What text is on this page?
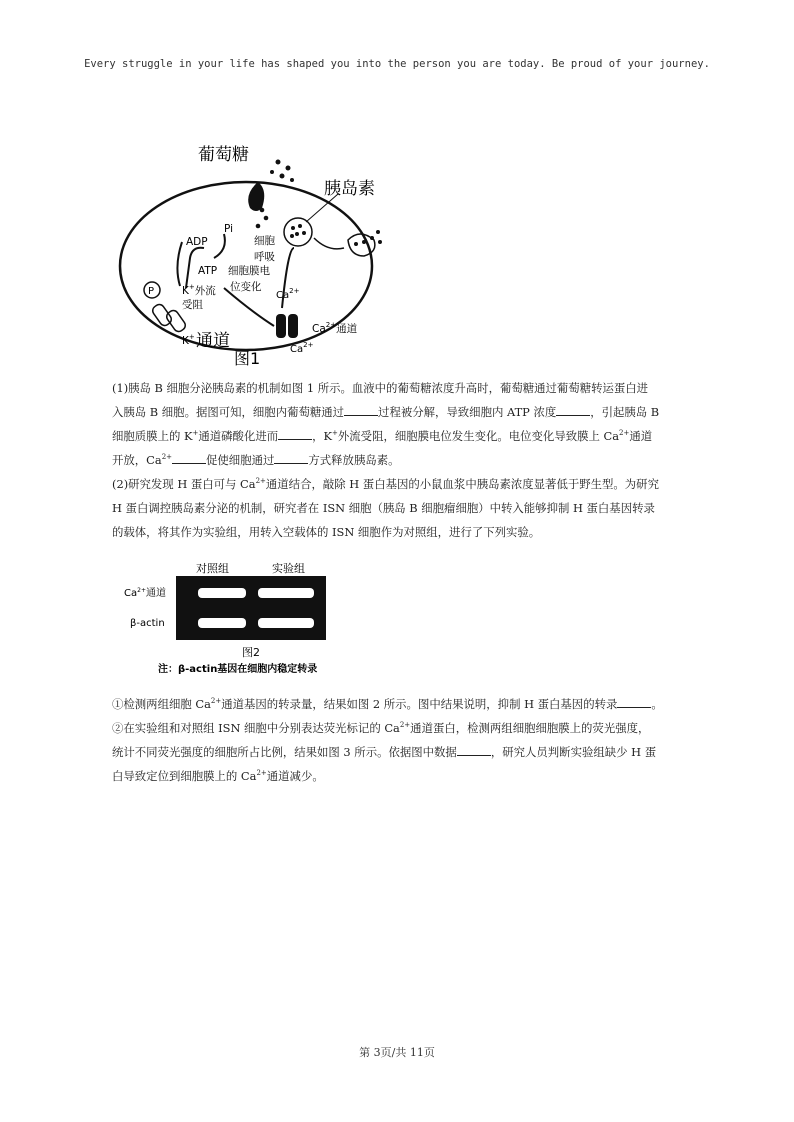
Every struggle in your life has shaped you into the person you are today. Be proud of your journey.
葡萄糖
胰岛素
ADP
Pi
ATP
细胞
呼吸
细胞膜电
位变化
P	K+外流
受阻
K+ 通道
$Ca^{2+}$
$Ca^{2+}$通道
$Ca^{2+}$
图1

(1)胰岛 B 细胞分泌胰岛素的机制如图 1 所示。血液中的葡萄糖浓度升高时，葡萄糖通过葡萄糖转运蛋白进

入胰岛 B 细胞。据图可知，细胞内葡萄糖通过	过程被分解，导致细胞内 ATP 浓度	，引起胰岛 B

细胞质膜上的 K+通道磷酸化进而	，K+外流受阻，细胞膜电位发生变化。电位变化导致膜上 $Ca^{2+}$通道

开放，$Ca^{2+}$	促使细胞通过	方式释放胰岛素。

(2)研究发现 H 蛋白可与 $Ca^{2+}$通道结合，敲除 H 蛋白基因的小鼠血浆中胰岛素浓度显著低于野生型。为研究

H 蛋白调控胰岛素分泌的机制，研究者在 ISN 细胞（胰岛 B 细胞瘤细胞）中转入能够抑制 H 蛋白基因转录

的载体，将其作为实验组，用转入空载体的 ISN 细胞作为对照组，进行了下列实验。

对照组	实验组
$Ca^{2+}$通道
β-actin
图2
注：β-actin基因在细胞内稳定转录

①检测两组细胞 $Ca^{2+}$通道基因的转录量，结果如图 2 所示。图中结果说明，抑制 H 蛋白基因的转录	。

②在实验组和对照组 ISN 细胞中分别表达荧光标记的 $Ca^{2+}$通道蛋白，检测两组细胞细胞膜上的荧光强度，

统计不同荧光强度的细胞所占比例，结果如图 3 所示。依据图中数据	，研究人员判断实验组缺少 H 蛋

白导致定位到细胞膜上的 $Ca^{2+}$通道减少。

第 3页/共 11页
